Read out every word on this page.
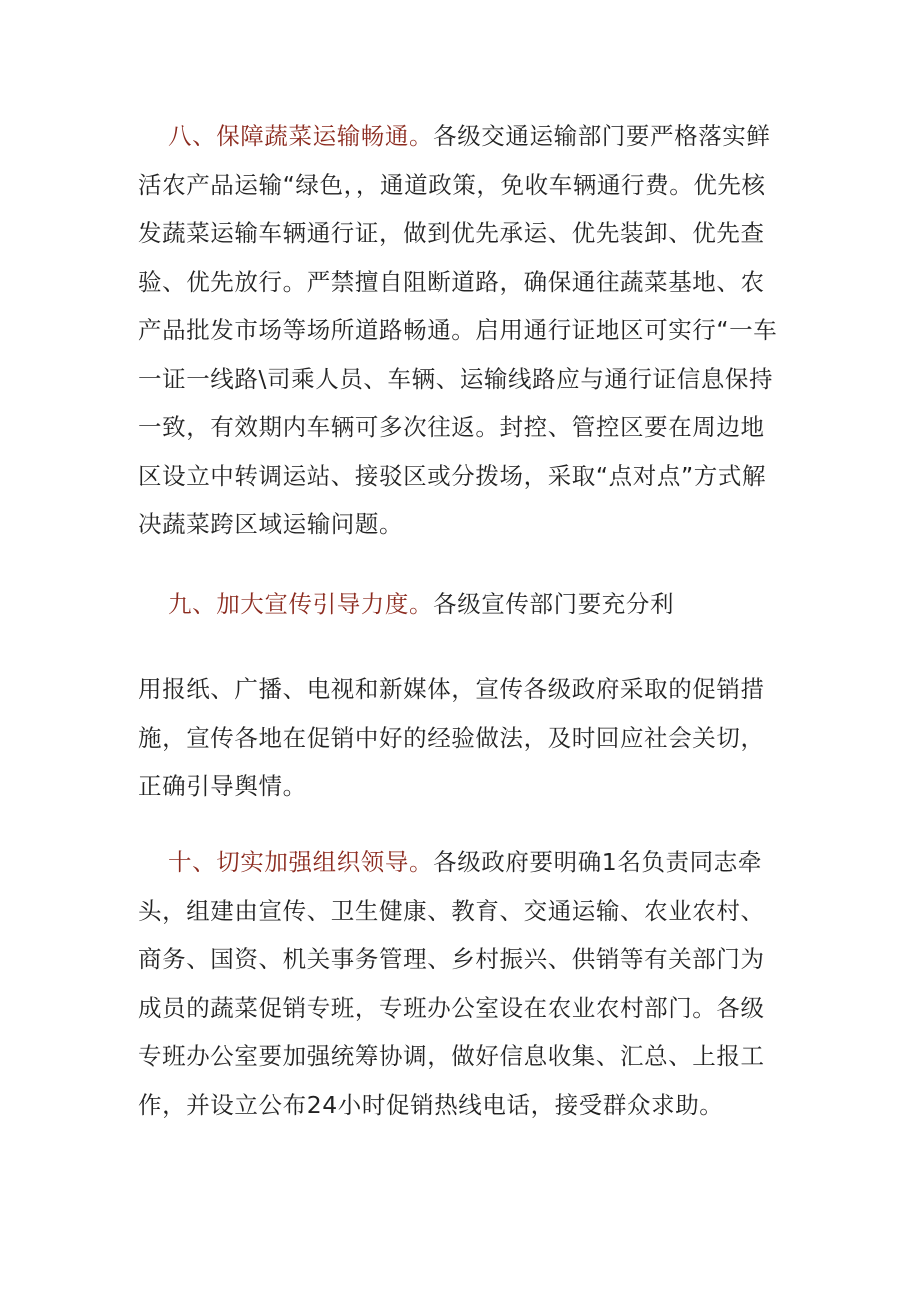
八、保障蔬菜运输畅通。各级交通运输部门要严格落实鲜活农产品运输“绿色，，通道政策，免收车辆通行费。优先核发蔬菜运输车辆通行证，做到优先承运、优先装卸、优先查验、优先放行。严禁擅自阻断道路，确保通往蔬菜基地、农产品批发市场等场所道路畅通。启用通行证地区可实行“一车一证一线路\司乘人员、车辆、运输线路应与通行证信息保持一致，有效期内车辆可多次往返。封控、管控区要在周边地区设立中转调运站、接驳区或分拨场，采取“点对点”方式解决蔬菜跨区域运输问题。

九、加大宣传引导力度。各级宣传部门要充分利

用报纸、广播、电视和新媒体，宣传各级政府采取的促销措施，宣传各地在促销中好的经验做法，及时回应社会关切，正确引导舆情。

十、切实加强组织领导。各级政府要明确1名负责同志牵头，组建由宣传、卫生健康、教育、交通运输、农业农村、商务、国资、机关事务管理、乡村振兴、供销等有关部门为成员的蔬菜促销专班，专班办公室设在农业农村部门。各级专班办公室要加强统筹协调，做好信息收集、汇总、上报工作，并设立公布24小时促销热线电话，接受群众求助。
